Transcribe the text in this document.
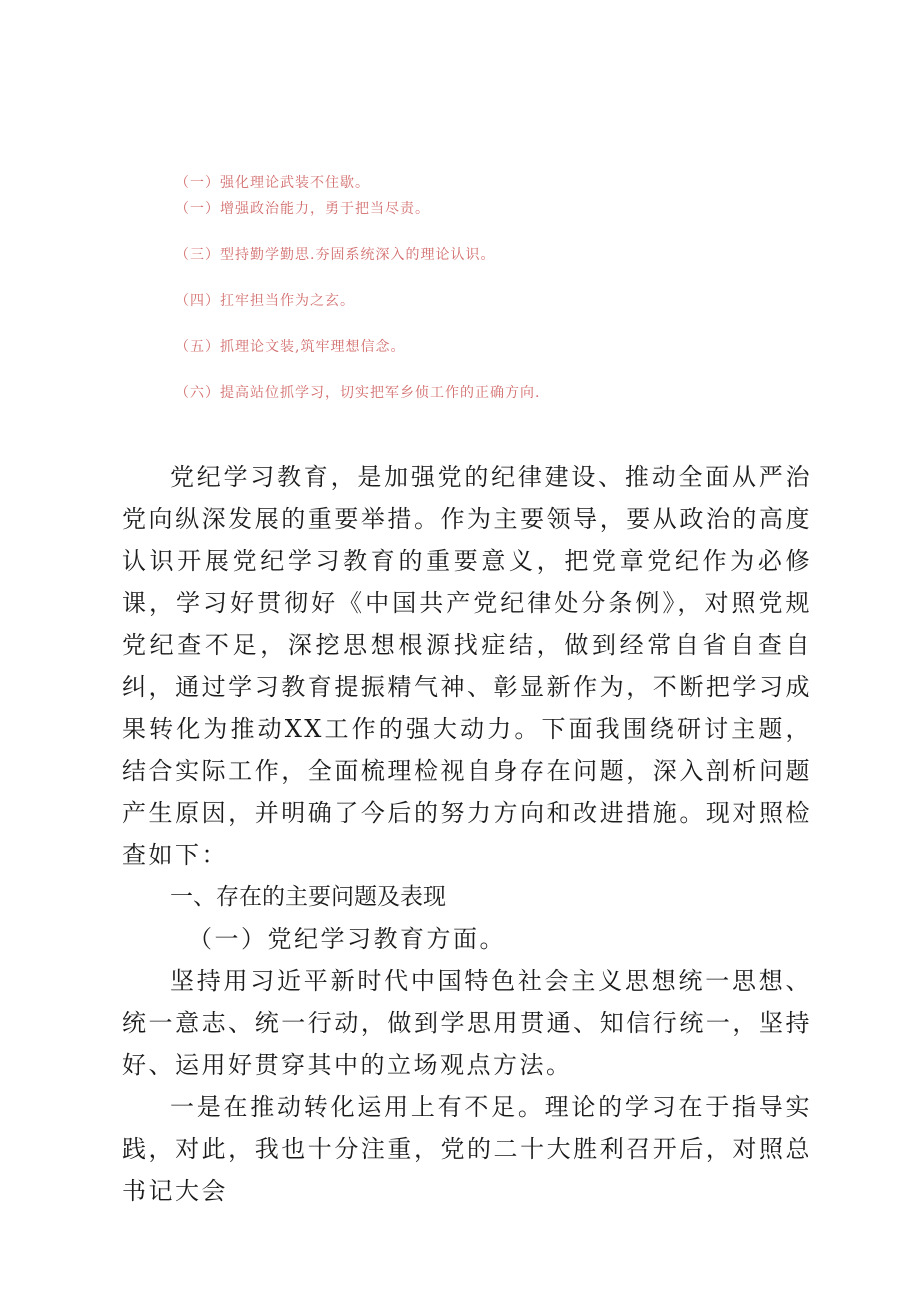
（一）强化理论武装不住歇。
（一）增强政治能力，勇于把当尽责。
（三）型持勤学勤思.夯固系统深入的理论认识。
（四）扛牢担当作为之玄。
（五）抓理论文装,筑牢理想信念。
（六）提高站位抓学习，切实把军乡侦工作的正确方向.

党纪学习教育，是加强党的纪律建设、推动全面从严治党向纵深发展的重要举措。作为主要领导，要从政治的高度认识开展党纪学习教育的重要意义，把党章党纪作为必修课，学习好贯彻好《中国共产党纪律处分条例》，对照党规党纪查不足，深挖思想根源找症结，做到经常自省自查自纠，通过学习教育提振精气神、彰显新作为，不断把学习成果转化为推动XX工作的强大动力。下面我围绕研讨主题，结合实际工作，全面梳理检视自身存在问题，深入剖析问题产生原因，并明确了今后的努力方向和改进措施。现对照检查如下：

一、存在的主要问题及表现

（一）党纪学习教育方面。

坚持用习近平新时代中国特色社会主义思想统一思想、统一意志、统一行动，做到学思用贯通、知信行统一，坚持好、运用好贯穿其中的立场观点方法。

一是在推动转化运用上有不足。理论的学习在于指导实践，对此，我也十分注重，党的二十大胜利召开后，对照总书记大会
